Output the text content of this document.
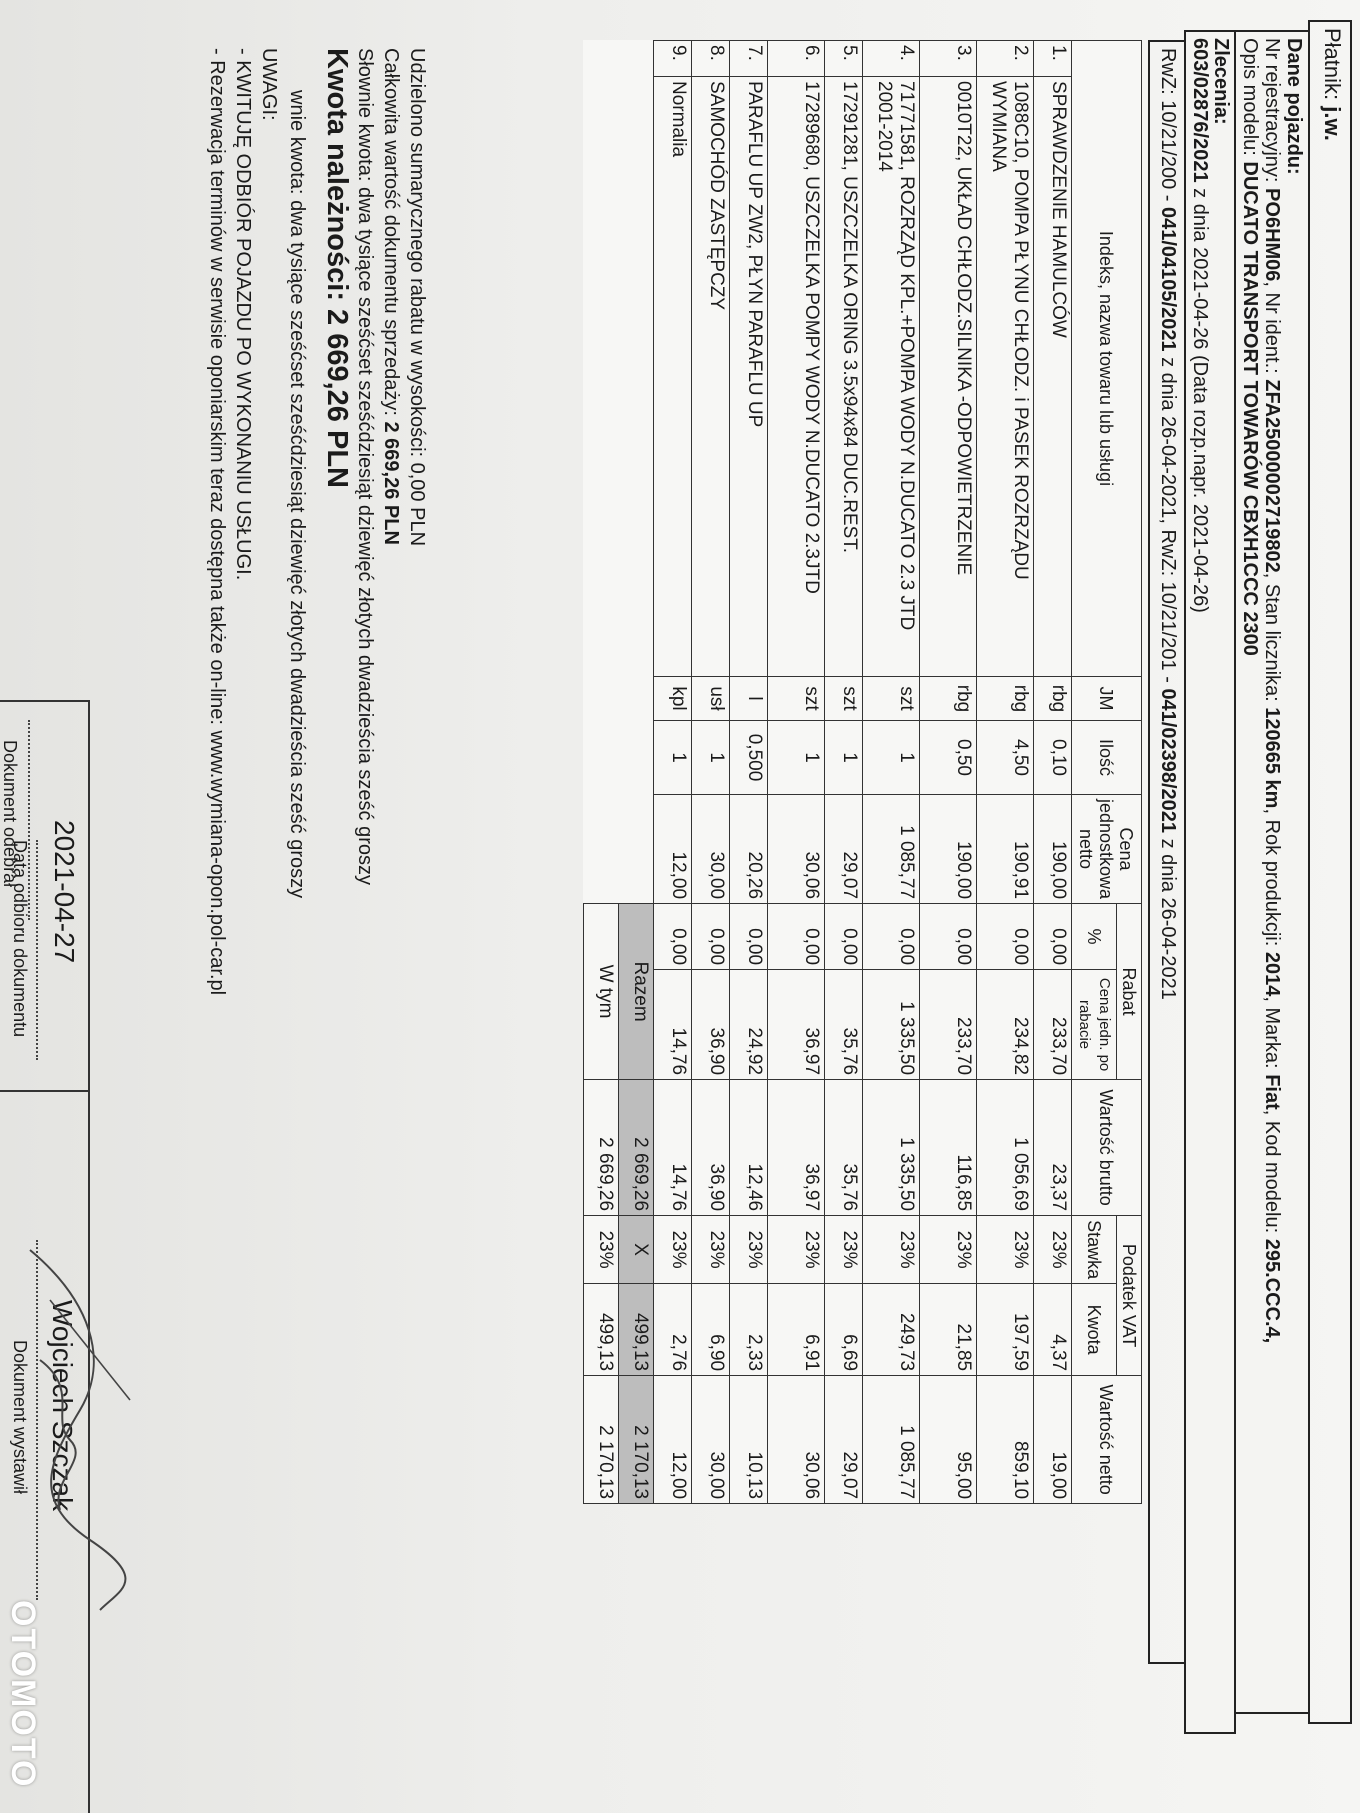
Płatnik: j.w.
Dane pojazdu:
Nr rejestracyjny: PO6HM06, Nr ident.: ZFA25000002719802, Stan licznika: 120665 km, Rok produkcji: 2014, Marka: Fiat, Kod modelu: 295.CCC.4,
Opis modelu: DUCATO TRANSPORT TOWARÓW CBXH1CCC 2300
Zlecenia:
603/02876/2021 z dnia 2021-04-26 (Data rozp.napr. 2021-04-26)
RwZ: 10/21/200 - 041/04105/2021 z dnia 26-04-2021, RwZ: 10/21/201 - 041/02398/2021 z dnia 26-04-2021
Indeks, nazwa towaru lub usługi		JM	Ilość	Cena jednostkowa netto	Rabat		Wartość brutto	Podatek VAT		Wartość netto
					%	Cena jedn. po rabacie		Stawka	Kwota	
1.	SPRAWDZENIE HAMULCÓW	rbg	0,10	190,00	0,00	233,70	23,37	23%	4,37	19,00
2.	1088C10, POMPA PŁYNU CHŁODZ. i PASEK ROZRZĄDU WYMIANA	rbg	4,50	190,91	0,00	234,82	1 056,69	23%	197,59	859,10
3.	0010T22, UKŁAD CHŁODZ.SILNIKA -ODPOWIETRZENIE	rbg	0,50	190,00	0,00	233,70	116,85	23%	21,85	95,00
4.	71771581, ROZRZĄD KPL.+POMPA WODY N.DUCATO 2.3 JTD 2001-2014	szt	1	1 085,77	0,00	1 335,50	1 335,50	23%	249,73	1 085,77
5.	17291281, USZCZELKA ORING 3.5x94x84 DUC.REST.	szt	1	29,07	0,00	35,76	35,76	23%	6,69	29,07
6.	17289680, USZCZELKA POMPY WODY N.DUCATO 2.3JTD	szt	1	30,06	0,00	36,97	36,97	23%	6,91	30,06
7.	PARAFLU UP ZW2, PŁYN PARAFLU UP	l	0,500	20,26	0,00	24,92	12,46	23%	2,33	10,13
8.	SAMOCHÓD ZASTĘPCZY	usł	1	30,00	0,00	36,90	36,90	23%	6,90	30,00
9.	Normalia	kpl	1	12,00	0,00	14,76	14,76	23%	2,76	12,00
					Razem		2 669,26	X	499,13	2 170,13
					W tym		2 669,26	23%	499,13	2 170,13
Udzielono sumarycznego rabatu w wysokości: 0,00 PLN
Całkowita wartość dokumentu sprzedaży: 2 669,26 PLN
Słownie kwota: dwa tysiące sześćset sześćdziesiąt dziewięć złotych dwadzieścia sześć groszy
Kwota należności: 2 669,26 PLN
wnie kwota: dwa tysiące sześćset sześćdziesiąt dziewięć złotych dwadzieścia sześć groszy
UWAGI:
- KWITUJĘ ODBIÓR POJAZDU PO WYKONANIU USŁUGI.
- Rezerwacja terminów w serwisie oponiarskim teraz dostępna także on-line: www.wymiana-opon.pol-car.pl
Dokument odebrał
2021-04-27
Data odbioru dokumentu
Wojciech Szczak
Dokument wystawił
OTOMOTO
